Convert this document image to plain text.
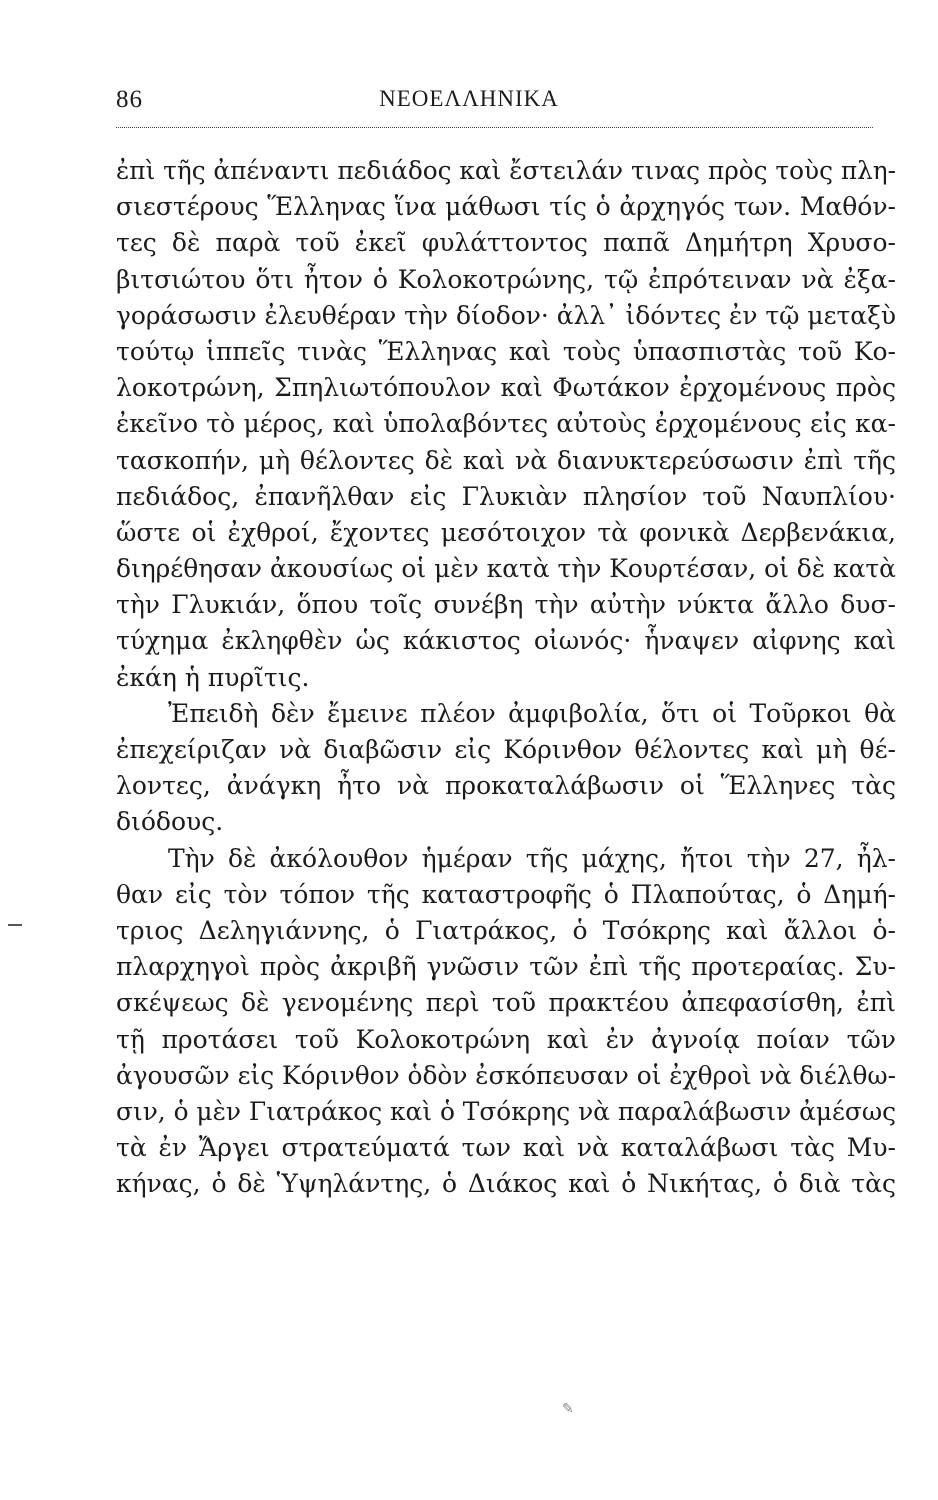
86	ΝΕΟΕΛΛΗΝΙΚΑ
ἐπὶ τῆς ἀπέναντι πεδιάδος καὶ ἔστειλάν τινας πρὸς τοὺς πλη-
σιεστέρους Ἕλληνας ἵνα μάθωσι τίς ὁ ἀρχηγός των. Μαθόν-
τες δὲ παρὰ τοῦ ἐκεῖ φυλάττοντος παπᾶ Δημήτρη Χρυσο-
βιτσιώτου ὅτι ἦτον ὁ Κολοκοτρώνης, τῷ ἐπρότειναν νὰ ἐξα-
γοράσωσιν ἐλευθέραν τὴν δίοδον· ἀλλ᾽ ἰδόντες ἐν τῷ μεταξὺ
τούτῳ ἱππεῖς τινὰς Ἕλληνας καὶ τοὺς ὑπασπιστὰς τοῦ Κο-
λοκοτρώνη, Σπηλιωτόπουλον καὶ Φωτάκον ἐρχομένους πρὸς
ἐκεῖνο τὸ μέρος, καὶ ὑπολαβόντες αὐτοὺς ἐρχομένους εἰς κα-
τασκοπήν, μὴ θέλοντες δὲ καὶ νὰ διανυκτερεύσωσιν ἐπὶ τῆς
πεδιάδος, ἐπανῆλθαν εἰς Γλυκιὰν πλησίον τοῦ Ναυπλίου·
ὥστε οἱ ἐχθροί, ἔχοντες μεσότοιχον τὰ φονικὰ Δερβενάκια,
διηρέθησαν ἀκουσίως οἱ μὲν κατὰ τὴν Κουρτέσαν, οἱ δὲ κατὰ
τὴν Γλυκιάν, ὅπου τοῖς συνέβη τὴν αὐτὴν νύκτα ἄλλο δυσ-
τύχημα ἐκληφθὲν ὡς κάκιστος οἰωνός· ἧναψεν αἰφνης καὶ
ἐκάη ἡ πυρῖτις.
Ἐπειδὴ δὲν ἔμεινε πλέον ἀμφιβολία, ὅτι οἱ Τοῦρκοι θὰ
ἐπεχείριζαν νὰ διαβῶσιν εἰς Κόρινθον θέλοντες καὶ μὴ θέ-
λοντες, ἀνάγκη ἦτο νὰ προκαταλάβωσιν οἱ Ἕλληνες τὰς
διόδους.
Τὴν δὲ ἀκόλουθον ἡμέραν τῆς μάχης, ἤτοι τὴν 27, ἦλ-
θαν εἰς τὸν τόπον τῆς καταστροφῆς ὁ Πλαπούτας, ὁ Δημή-
τριος Δεληγιάννης, ὁ Γιατράκος, ὁ Τσόκρης καὶ ἄλλοι ὁ-
πλαρχηγοὶ πρὸς ἀκριβῆ γνῶσιν τῶν ἐπὶ τῆς προτεραίας. Συ-
σκέψεως δὲ γενομένης περὶ τοῦ πρακτέου ἀπεφασίσθη, ἐπὶ
τῇ προτάσει τοῦ Κολοκοτρώνη καὶ ἐν ἀγνοίᾳ ποίαν τῶν
ἀγουσῶν εἰς Κόρινθον ὁδὸν ἐσκόπευσαν οἱ ἐχθροὶ νὰ διέλθω-
σιν, ὁ μὲν Γιατράκος καὶ ὁ Τσόκρης νὰ παραλάβωσιν ἀμέσως
τὰ ἐν Ἄργει στρατεύματά των καὶ νὰ καταλάβωσι τὰς Μυ-
κήνας, ὁ δὲ Ὑψηλάντης, ὁ Διάκος καὶ ὁ Νικήτας, ὁ διὰ τὰς
✎
